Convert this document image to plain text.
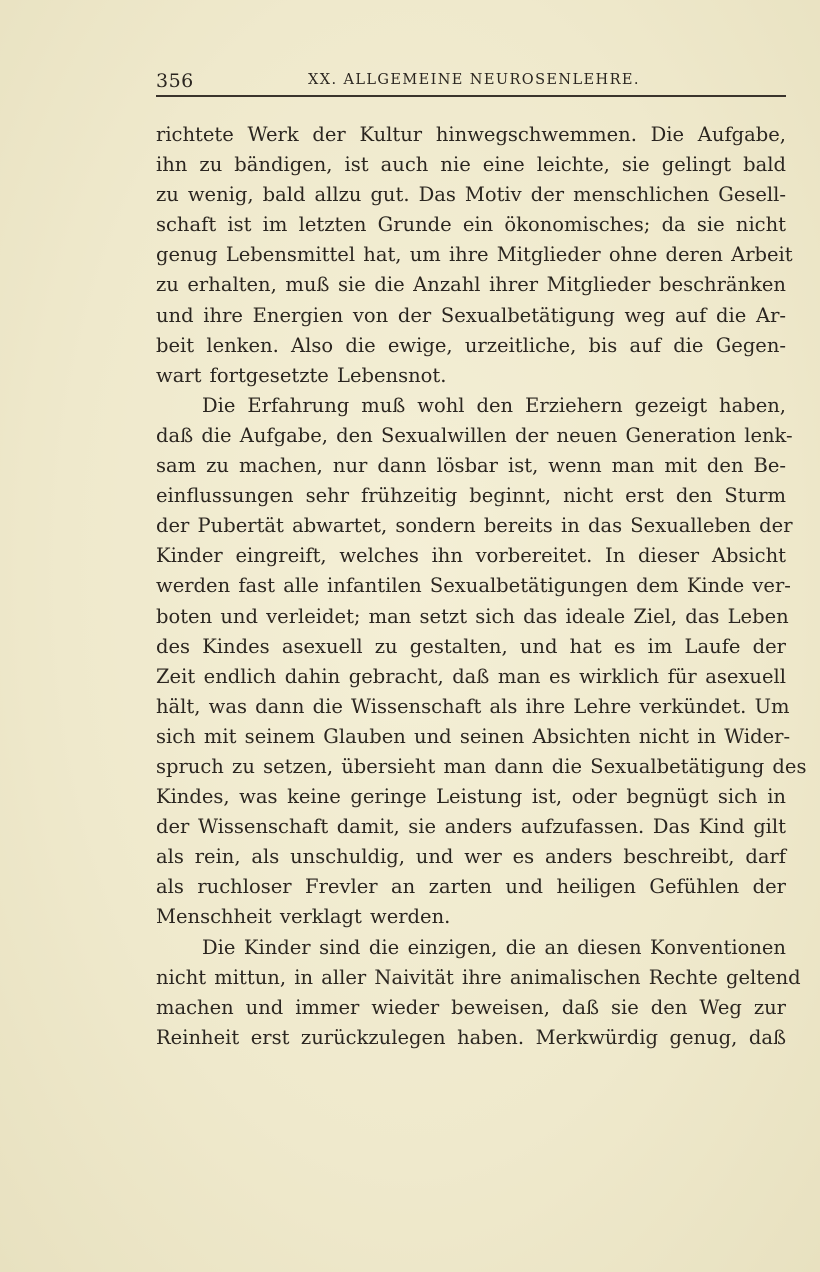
356	XX. ALLGEMEINE NEUROSENLEHRE.
richtete Werk der Kultur hinwegschwemmen. Die Aufgabe,
ihn zu bändigen, ist auch nie eine leichte, sie gelingt bald
zu wenig, bald allzu gut. Das Motiv der menschlichen Gesell-
schaft ist im letzten Grunde ein ökonomisches; da sie nicht
genug Lebensmittel hat, um ihre Mitglieder ohne deren Arbeit
zu erhalten, muß sie die Anzahl ihrer Mitglieder beschränken
und ihre Energien von der Sexualbetätigung weg auf die Ar-
beit lenken. Also die ewige, urzeitliche, bis auf die Gegen-
wart fortgesetzte Lebensnot.
Die Erfahrung muß wohl den Erziehern gezeigt haben,
daß die Aufgabe, den Sexualwillen der neuen Generation lenk-
sam zu machen, nur dann lösbar ist, wenn man mit den Be-
einflussungen sehr frühzeitig beginnt, nicht erst den Sturm
der Pubertät abwartet, sondern bereits in das Sexualleben der
Kinder eingreift, welches ihn vorbereitet. In dieser Absicht
werden fast alle infantilen Sexualbetätigungen dem Kinde ver-
boten und verleidet; man setzt sich das ideale Ziel, das Leben
des Kindes asexuell zu gestalten, und hat es im Laufe der
Zeit endlich dahin gebracht, daß man es wirklich für asexuell
hält, was dann die Wissenschaft als ihre Lehre verkündet. Um
sich mit seinem Glauben und seinen Absichten nicht in Wider-
spruch zu setzen, übersieht man dann die Sexualbetätigung des
Kindes, was keine geringe Leistung ist, oder begnügt sich in
der Wissenschaft damit, sie anders aufzufassen. Das Kind gilt
als rein, als unschuldig, und wer es anders beschreibt, darf
als ruchloser Frevler an zarten und heiligen Gefühlen der
Menschheit verklagt werden.
Die Kinder sind die einzigen, die an diesen Konventionen
nicht mittun, in aller Naivität ihre animalischen Rechte geltend
machen und immer wieder beweisen, daß sie den Weg zur
Reinheit erst zurückzulegen haben. Merkwürdig genug, daß
